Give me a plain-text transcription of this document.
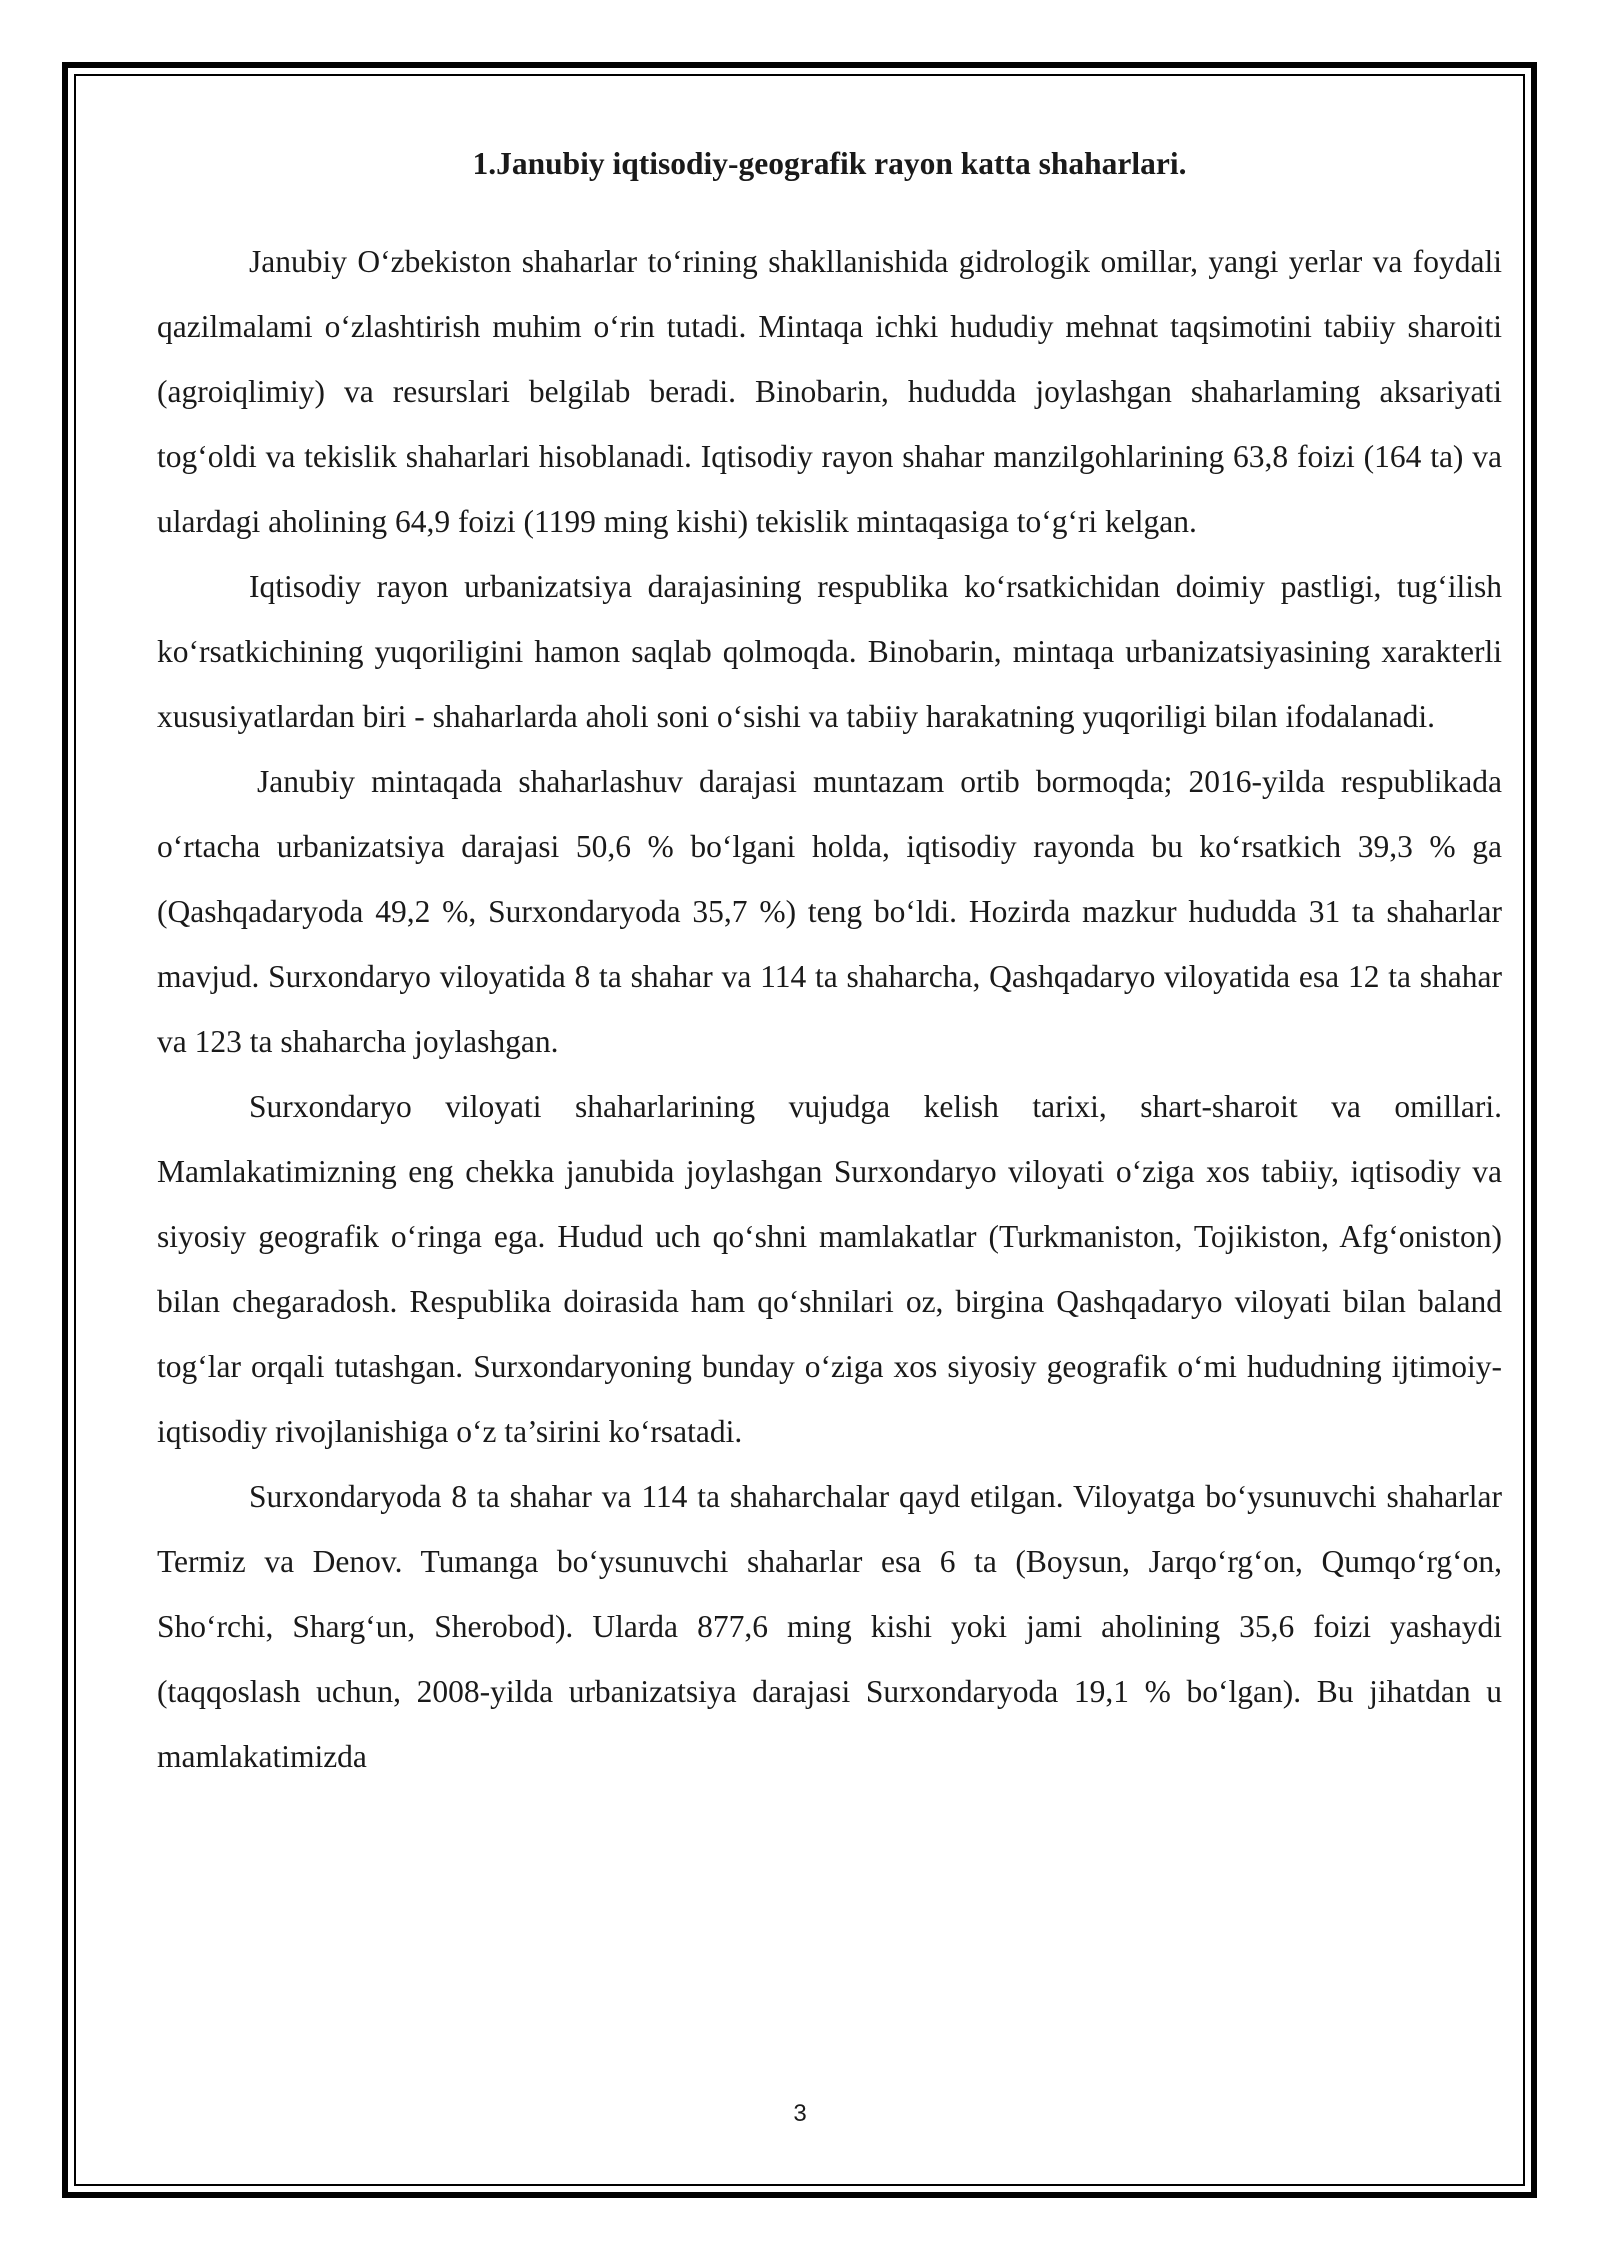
1.Janubiy iqtisodiy-geografik rayon katta shaharlari.

Janubiy O‘zbekiston shaharlar to‘rining shakllanishida gidrologik omillar, yangi yerlar va foydali qazilmalami o‘zlashtirish muhim o‘rin tutadi. Mintaqa ichki hududiy mehnat taqsimotini tabiiy sharoiti (agroiqlimiy) va resurslari belgilab beradi. Binobarin, hududda joylashgan shaharlaming aksariyati tog‘oldi va tekislik shaharlari hisoblanadi. Iqtisodiy rayon shahar manzilgohlarining 63,8 foizi (164 ta) va ulardagi aholining 64,9 foizi (1199 ming kishi) tekislik mintaqasiga to‘g‘ri kelgan.

Iqtisodiy rayon urbanizatsiya darajasining respublika ko‘rsatkichidan doimiy pastligi, tug‘ilish ko‘rsatkichining yuqoriligini hamon saqlab qolmoqda. Binobarin, mintaqa urbanizatsiyasining xarakterli xususiyatlardan biri - shaharlarda aholi soni o‘sishi va tabiiy harakatning yuqoriligi bilan ifodalanadi.

Janubiy mintaqada shaharlashuv darajasi muntazam ortib bormoqda; 2016-yilda respublikada o‘rtacha urbanizatsiya darajasi 50,6 % bo‘lgani holda, iqtisodiy rayonda bu ko‘rsatkich 39,3 % ga (Qashqadaryoda 49,2 %, Surxondaryoda 35,7 %) teng bo‘ldi. Hozirda mazkur hududda 31 ta shaharlar mavjud. Surxondaryo viloyatida 8 ta shahar va 114 ta shaharcha, Qashqadaryo viloyatida esa 12 ta shahar va 123 ta shaharcha joylashgan.

Surxondaryo viloyati shaharlarining vujudga kelish tarixi, shart-sharoit va omillari. Mamlakatimizning eng chekka janubida joylashgan Surxondaryo viloyati o‘ziga xos tabiiy, iqtisodiy va siyosiy geografik o‘ringa ega. Hudud uch qo‘shni mamlakatlar (Turkmaniston, Tojikiston, Afg‘oniston) bilan chegaradosh. Respublika doirasida ham qo‘shnilari oz, birgina Qashqadaryo viloyati bilan baland tog‘lar orqali tutashgan. Surxondaryoning bunday o‘ziga xos siyosiy geografik o‘mi hududning ijtimoiy-iqtisodiy rivojlanishiga o‘z ta’sirini ko‘rsatadi.

Surxondaryoda 8 ta shahar va 114 ta shaharchalar qayd etilgan. Viloyatga bo‘ysunuvchi shaharlar Termiz va Denov. Tumanga bo‘ysunuvchi shaharlar esa 6 ta (Boysun, Jarqo‘rg‘on, Qumqo‘rg‘on, Sho‘rchi, Sharg‘un, Sherobod). Ularda 877,6 ming kishi yoki jami aholining 35,6 foizi yashaydi (taqqoslash uchun, 2008-yilda urbanizatsiya darajasi Surxondaryoda 19,1 % bo‘lgan). Bu jihatdan u mamlakatimizda

3
